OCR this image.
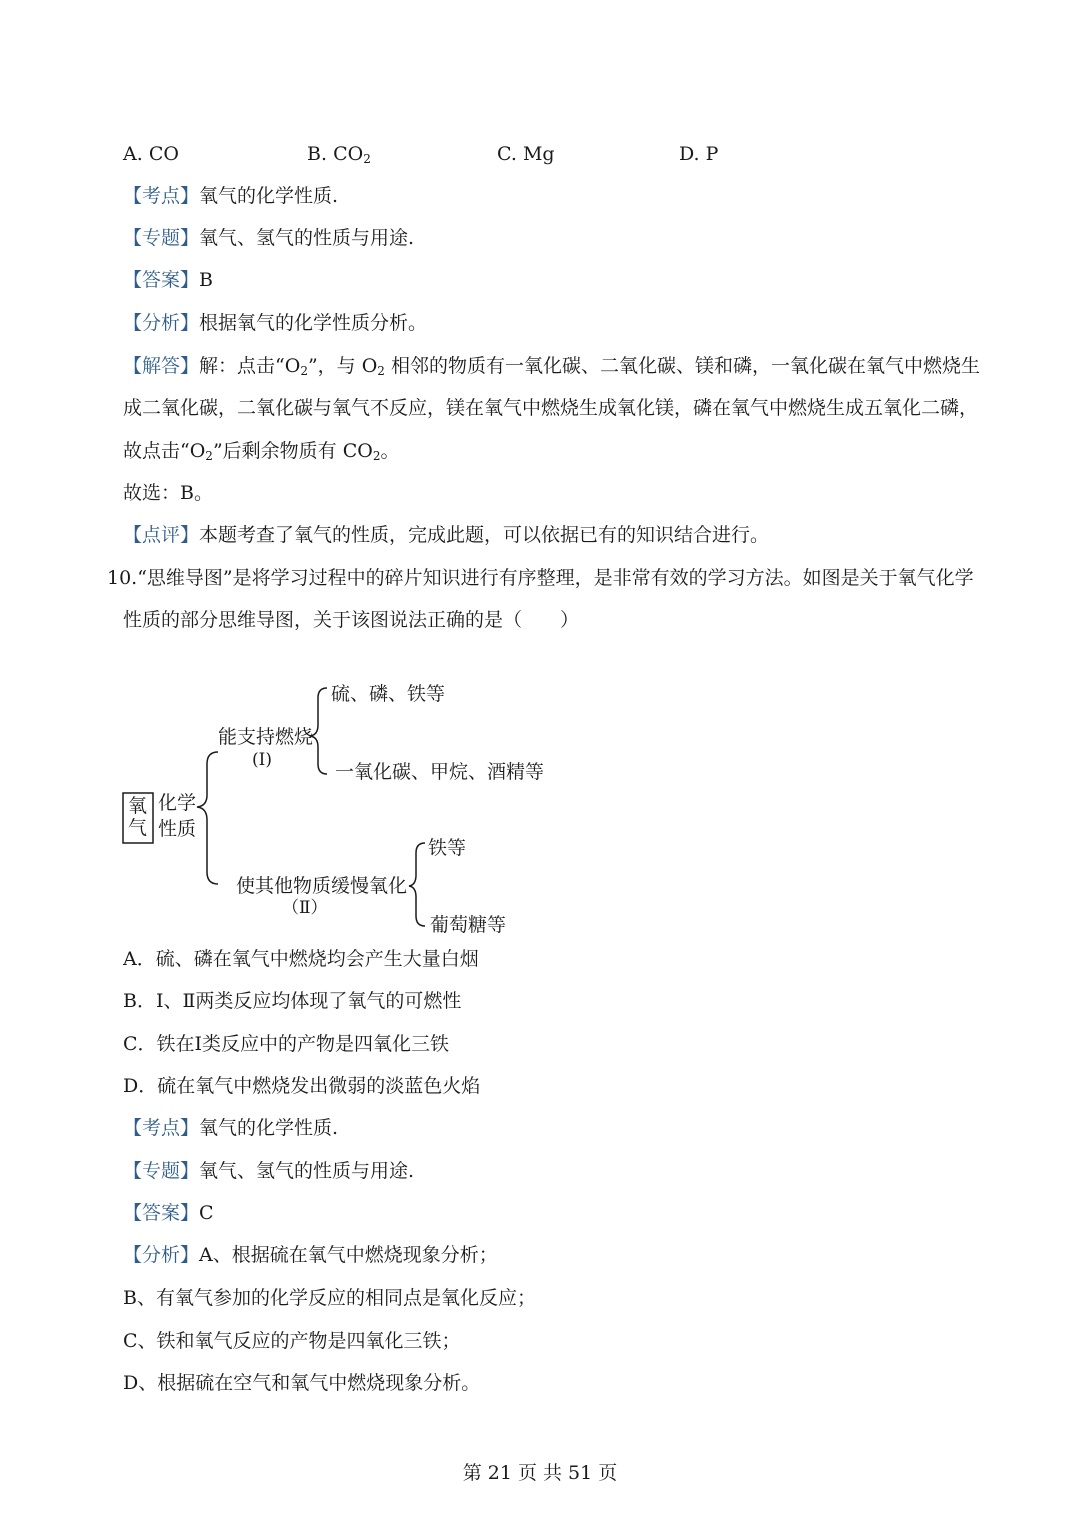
A. CO	B. $CO_2$	C. Mg	D. P
【考点】氧气的化学性质.
【专题】氧气、氢气的性质与用途.
【答案】B
【分析】根据氧气的化学性质分析。
【解答】解：点击“$O_2$”，与 $O_2$ 相邻的物质有一氧化碳、二氧化碳、镁和磷，一氧化碳在氧气中燃烧生
成二氧化碳，二氧化碳与氧气不反应，镁在氧气中燃烧生成氧化镁，磷在氧气中燃烧生成五氧化二磷，
故点击“$O_2$”后剩余物质有 $CO_2$。
故选：B。
【点评】本题考查了氧气的性质，完成此题，可以依据已有的知识结合进行。
10.“思维导图”是将学习过程中的碎片知识进行有序整理，是非常有效的学习方法。如图是关于氧气化学
性质的部分思维导图，关于该图说法正确的是（　　）
氧
气
化学
性质
能支持燃烧
(Ⅰ)
硫、磷、铁等
一氧化碳、甲烷、酒精等
使其他物质缓慢氧化
（Ⅱ）
铁等
葡萄糖等
A．硫、磷在氧气中燃烧均会产生大量白烟
B．Ⅰ、Ⅱ两类反应均体现了氧气的可燃性
C．铁在Ⅰ类反应中的产物是四氧化三铁
D．硫在氧气中燃烧发出微弱的淡蓝色火焰
【考点】氧气的化学性质.
【专题】氧气、氢气的性质与用途.
【答案】C
【分析】A、根据硫在氧气中燃烧现象分析；
B、有氧气参加的化学反应的相同点是氧化反应；
C、铁和氧气反应的产物是四氧化三铁；
D、根据硫在空气和氧气中燃烧现象分析。
第 21 页 共 51 页
